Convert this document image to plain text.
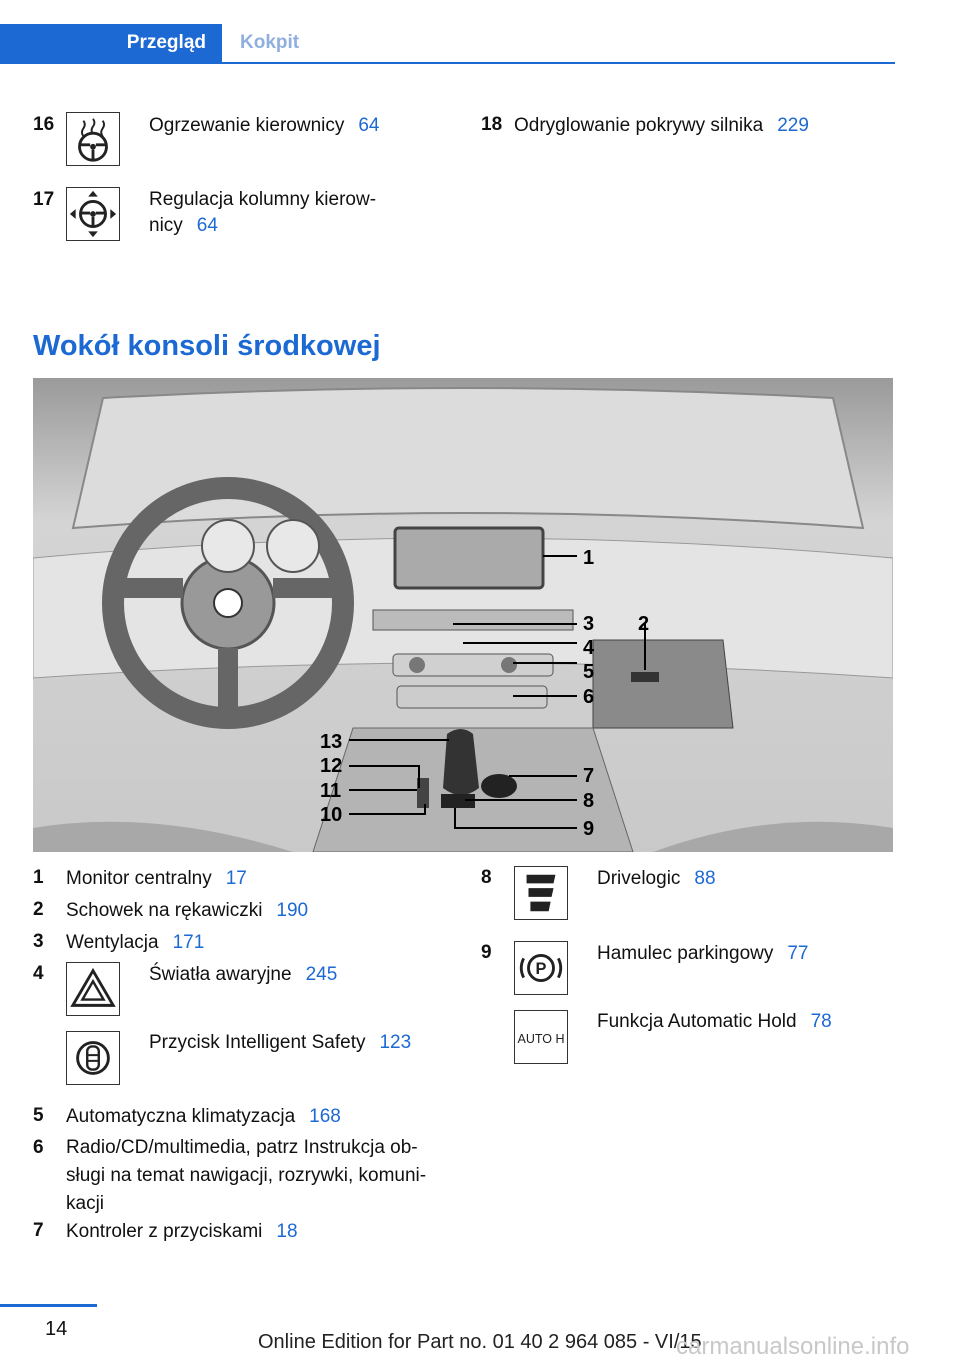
Przegląd	Kokpit
16	Ogrzewanie kierownicy 64
17	Regulacja kolumny kierow-
nicy 64
18 Odryglowanie pokrywy silnika 229
Wokół konsoli środkowej
1
2
3
4
5
6
7
8
9
10
11
12
13
1 Monitor centralny 17
2 Schowek na rękawiczki 190
3 Wentylacja 171
4	Światła awaryjne 245
Przycisk Intelligent Safety 123
5 Automatyczna klimatyzacja 168
6 Radio/CD/multimedia, patrz Instrukcja ob-
sługi na temat nawigacji, rozrywki, komuni-
kacji
7 Kontroler z przyciskami 18
8	Drivelogic 88
9
P
Hamulec parkingowy 77
AUTO H
Funkcja Automatic Hold 78
14
Online Edition for Part no. 01 40 2 964 085 - VI/15
carmanualsonline.info
